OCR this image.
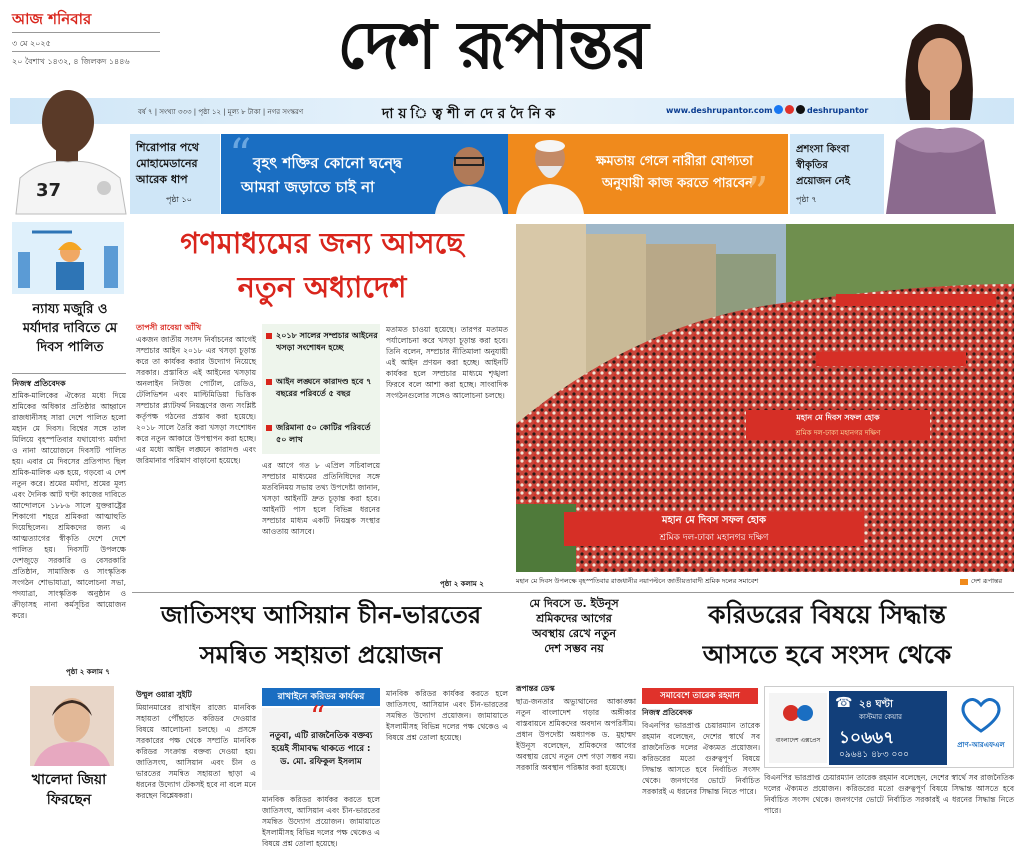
আজ শনিবার
৩ মে ২০২৫
২০ বৈশাখ ১৪৩২, ৪ জিলকদ ১৪৪৬	দেশ রূপান্তর
বর্ষ ৭ | সংখ্যা ৩৩৩ | পৃষ্ঠা ১২ | মূল্য ৮ টাকা | নগর সংস্করণ	দা য় ি ত্ব শী ল দে র দৈ নি ক	www.deshrupantor.com	deshrupantor
37
শিরোপার পথে
মোহামেডানের
আরেক ধাপ
পৃষ্ঠা ১০
“ বৃহৎ শক্তির কোনো দ্বন্দ্বে
আমরা জড়াতে চাই না
ক্ষমতায় গেলে নারীরা যোগ্যতা
অনুযায়ী কাজ করতে পারবেন
”
প্রশংসা কিংবা
স্বীকৃতির
প্রয়োজন নেই
পৃষ্ঠা ৭
ন্যায্য মজুরি ও মর্যাদার দাবিতে মে দিবস পালিত
নিজস্ব প্রতিবেদক
শ্রমিক-মালিকের ঐক্যের মধ্যে দিয়ে শ্রমিকের অধিকার প্রতিষ্ঠার আহ্বানে রাজধানীসহ সারা দেশে পালিত হলো মহান মে দিবস। বিশ্বের সঙ্গে তাল মিলিয়ে বৃহস্পতিবার যথাযোগ্য মর্যাদা ও নানা আয়োজনে দিবসটি পালিত হয়। এবার মে দিবসের প্রতিপাদ্য ছিল শ্রমিক-মালিক এক হয়ে, গড়বো এ দেশ নতুন করে। শ্রমের মর্যাদা, শ্রমের মূল্য এবং দৈনিক আট ঘণ্টা কাজের দাবিতে আন্দোলনে ১৮৮৬ সালে যুক্তরাষ্ট্রের শিকাগো শহরে শ্রমিকরা আত্মাহুতি দিয়েছিলেন। শ্রমিকদের জন্য এ আত্মত্যাগের স্বীকৃতি দেশে দেশে পালিত হয়। দিবসটি উপলক্ষে দেশজুড়ে সরকারি ও বেসরকারি প্রতিষ্ঠান, সামাজিক ও সাংস্কৃতিক সংগঠন শোভাযাত্রা, আলোচনা সভা, পদযাত্রা, সাংস্কৃতিক অনুষ্ঠান ও ক্রীড়াসহ নানা কর্মসূচির আয়োজন করে।
পৃষ্ঠা ২ কলাম ৭
গণমাধ্যমের জন্য আসছে
নতুন অধ্যাদেশ
তাপসী রাবেয়া আঁখি
একজন জাতীয় সংসদ নির্বাচনের আগেই সম্প্রচার আইন ২০১৮ এর খসড়া চূড়ান্ত করে তা কার্যকর করার উদ্যোগ নিয়েছে সরকার। প্রস্তাবিত এই আইনের খসড়ায় অনলাইন নিউজ পোর্টাল, রেডিও, টেলিভিশন এবং মাল্টিমিডিয়া ভিত্তিক সম্প্রচার প্ল্যাটফর্ম নিয়ন্ত্রণের জন্য সংশ্লিষ্ট কর্তৃপক্ষ গঠনের প্রস্তাব করা হয়েছে। ২০১৮ সালে তৈরি করা খসড়া সংশোধন করে নতুন আকারে উপস্থাপন করা হচ্ছে। এর মধ্যে আইন লঙ্ঘনে কারাদণ্ড এবং জরিমানার পরিমাণ বাড়ানো হয়েছে।
২০১৮ সালের সম্প্রচার আইনের খসড়া সংশোধন হচ্ছে
আইন লঙ্ঘনে কারাদণ্ড হবে ৭ বছরের পরিবর্তে ৫ বছর
জরিমানা ৫০ কোটির পরিবর্তে ৫০ লাখ
এর আগে গত ৮ এপ্রিল সচিবালয়ে সম্প্রচার মাধ্যমের প্রতিনিধিদের সঙ্গে মতবিনিময় সভায় তথ্য উপদেষ্টা জানান, খসড়া আইনটি দ্রুত চূড়ান্ত করা হবে। আইনটি পাস হলে বিভিন্ন ধরনের সম্প্রচার মাধ্যম একটি নিয়ন্ত্রক সংস্থার আওতায় আসবে।
মতামত চাওয়া হয়েছে। তারপর মতামত পর্যালোচনা করে খসড়া চূড়ান্ত করা হবে। তিনি বলেন, সম্প্রচার নীতিমালা অনুযায়ী এই আইন প্রণয়ন করা হচ্ছে। আইনটি কার্যকর হলে সম্প্রচার মাধ্যমে শৃঙ্খলা ফিরবে বলে আশা করা হচ্ছে। সাংবাদিক সংগঠনগুলোর সঙ্গেও আলোচনা চলছে।
পৃষ্ঠা ২ কলাম ২
মহান মে দিবস সফল হোক
শ্রমিক দল-ঢাকা মহানগর দক্ষিণ
মহান মে দিবস সফল হোক
শ্রমিক দল-ঢাকা মহানগর দক্ষিণ
মহান মে দিবস উপলক্ষে বৃহস্পতিবার রাজধানীর নয়াপল্টনে জাতীয়তাবাদী শ্রমিক দলের সমাবেশ	দেশ রূপান্তর
জাতিসংঘ আসিয়ান চীন-ভারতের
সমন্বিত সহায়তা প্রয়োজন
মে দিবসে ড. ইউনূস
শ্রমিকদের আগের
অবস্থায় রেখে নতুন
দেশ সম্ভব নয়
করিডরের বিষয়ে সিদ্ধান্ত
আসতে হবে সংসদ থেকে
খালেদা জিয়া
ফিরছেন
উম্মুল ওয়ারা সুইটি
মিয়ানমারের রাখাইন রাজ্যে মানবিক সহায়তা পৌঁছাতে করিডর দেওয়ার বিষয়ে আলোচনা চলছে। এ প্রসঙ্গে সরকারের পক্ষ থেকে সম্প্রতি মানবিক করিডর সংক্রান্ত বক্তব্য দেওয়া হয়। জাতিসংঘ, আসিয়ান এবং চীন ও ভারতের সমন্বিত সহায়তা ছাড়া এ ধরনের উদ্যোগ টেকসই হবে না বলে মনে করছেন বিশ্লেষকরা।
রাখাইনে করিডর কার্যকর
“
নতুবা, এটি রাজনৈতিক বক্তব্য হয়েই সীমাবদ্ধ থাকতে পারে : ড. মো. রফিকুল ইসলাম
মানবিক করিডর কার্যকর করতে হলে জাতিসংঘ, আসিয়ান এবং চীন-ভারতের সমন্বিত উদ্যোগ প্রয়োজন। জামায়াতে ইসলামীসহ বিভিন্ন দলের পক্ষ থেকেও এ বিষয়ে প্রশ্ন তোলা হয়েছে।
মানবিক করিডর কার্যকর করতে হলে জাতিসংঘ, আসিয়ান এবং চীন-ভারতের সমন্বিত উদ্যোগ প্রয়োজন। জামায়াতে ইসলামীসহ বিভিন্ন দলের পক্ষ থেকেও এ বিষয়ে প্রশ্ন তোলা হয়েছে।
রূপান্তর ডেস্ক
ছাত্র-জনতার অভ্যুত্থানের আকাঙ্ক্ষা নতুন বাংলাদেশ গড়ার অঙ্গীকার বাস্তবায়নে শ্রমিকদের অবদান অপরিসীম। প্রধান উপদেষ্টা অধ্যাপক ড. মুহাম্মদ ইউনূস বলেছেন, শ্রমিকদের আগের অবস্থায় রেখে নতুন দেশ গড়া সম্ভব নয়। সরকারি অবস্থান পরিষ্কার করা হয়েছে।
সমাবেশে তারেক রহমান
নিজস্ব প্রতিবেদক
বিএনপির ভারপ্রাপ্ত চেয়ারম্যান তারেক রহমান বলেছেন, দেশের স্বার্থে সব রাজনৈতিক দলের ঐক্যমত প্রয়োজন। করিডরের মতো গুরুত্বপূর্ণ বিষয়ে সিদ্ধান্ত আসতে হবে নির্বাচিত সংসদ থেকে। জনগণের ভোটে নির্বাচিত সরকারই এ ধরনের সিদ্ধান্ত নিতে পারে।
বাংলাদেশ এক্সপ্রেস
☎ ২৪ ঘণ্টা
কাস্টমার কেয়ার
১০৬৬৭
০৯৬৪১ ৪৮৩ ০০০
প্রাণ-আরএফএল
বিএনপির ভারপ্রাপ্ত চেয়ারম্যান তারেক রহমান বলেছেন, দেশের স্বার্থে সব রাজনৈতিক দলের ঐক্যমত প্রয়োজন। করিডরের মতো গুরুত্বপূর্ণ বিষয়ে সিদ্ধান্ত আসতে হবে নির্বাচিত সংসদ থেকে। জনগণের ভোটে নির্বাচিত সরকারই এ ধরনের সিদ্ধান্ত নিতে পারে।
